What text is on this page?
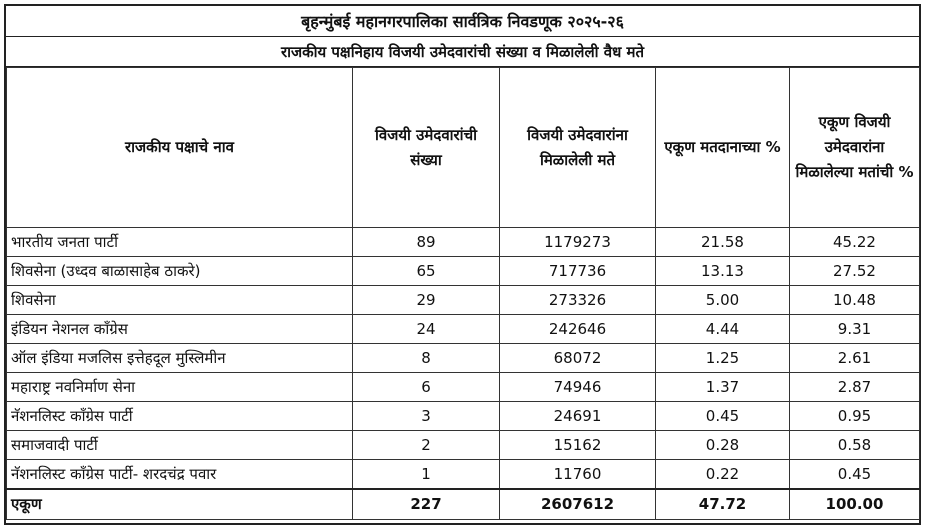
बृहन्मुंबई महानगरपालिका सार्वत्रिक निवडणूक २०२५-२६
राजकीय पक्षनिहाय विजयी उमेदवारांची संख्या व मिळालेली वैध मते
राजकीय पक्षाचे नाव	विजयी उमेदवारांची संख्या	विजयी उमेदवारांना मिळालेली मते	एकूण मतदानाच्या %	एकूण विजयी उमेदवारांना मिळालेल्या मतांची %
भारतीय जनता पार्टी	89	1179273	21.58	45.22
शिवसेना (उध्दव बाळासाहेब ठाकरे)	65	717736	13.13	27.52
शिवसेना	29	273326	5.00	10.48
इंडियन नेशनल कॉंग्रेस	24	242646	4.44	9.31
ऑल इंडिया मजलिस इत्तेहदूल मुस्लिमीन	8	68072	1.25	2.61
महाराष्ट्र नवनिर्माण सेना	6	74946	1.37	2.87
नॅशनलिस्ट कॉंग्रेस पार्टी	3	24691	0.45	0.95
समाजवादी पार्टी	2	15162	0.28	0.58
नॅशनलिस्ट कॉंग्रेस पार्टी- शरदचंद्र पवार	1	11760	0.22	0.45
एकूण	227	2607612	47.72	100.00
